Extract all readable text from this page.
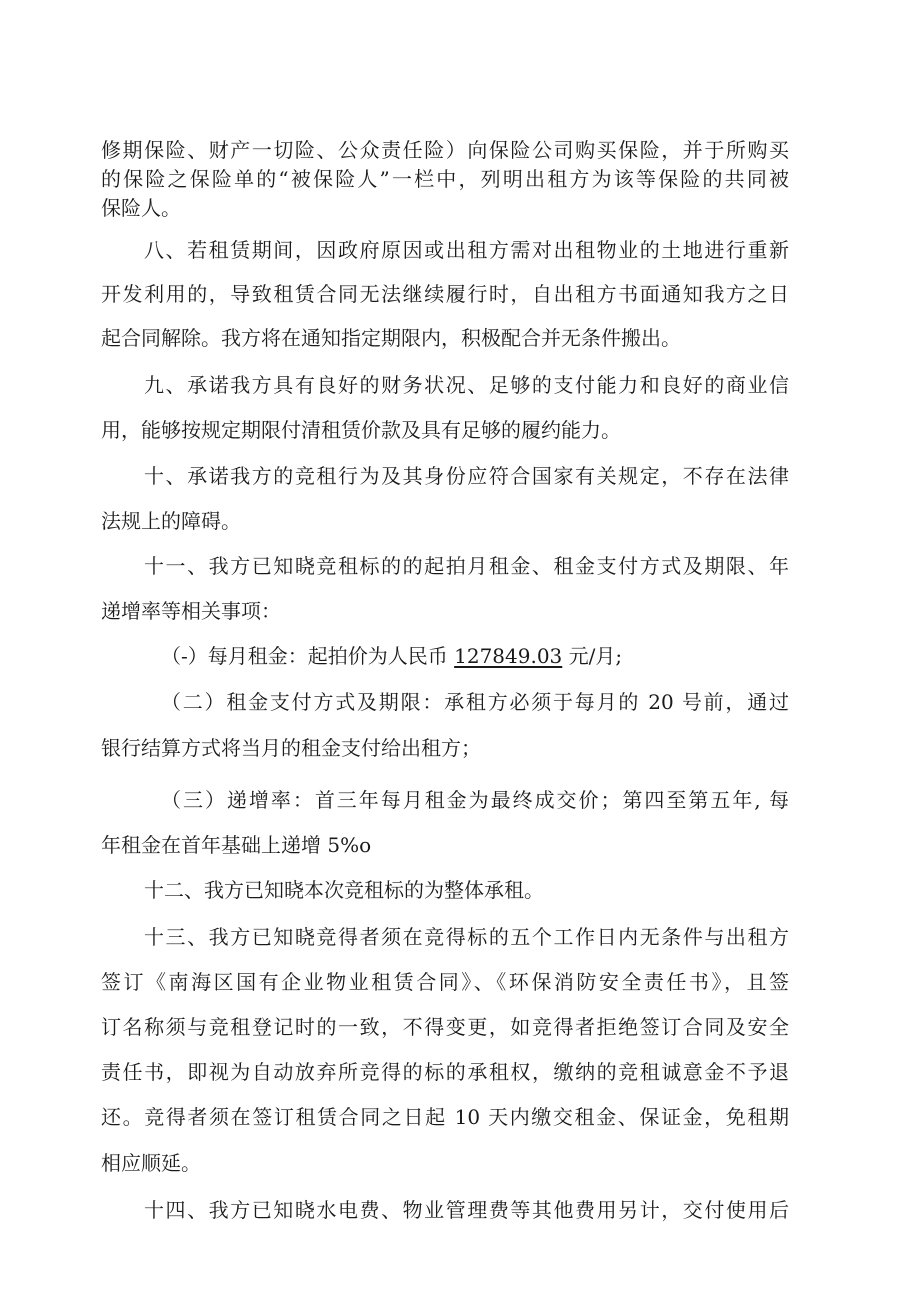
修期保险、财产一切险、公众责任险）向保险公司购买保险，并于所购买
的保险之保险单的“被保险人”一栏中，列明出租方为该等保险的共同被
保险人。
八、若租赁期间，因政府原因或出租方需对出租物业的土地进行重新
开发利用的，导致租赁合同无法继续履行时，自出租方书面通知我方之日
起合同解除。我方将在通知指定期限内，积极配合并无条件搬出。
九、承诺我方具有良好的财务状况、足够的支付能力和良好的商业信
用，能够按规定期限付清租赁价款及具有足够的履约能力。
十、承诺我方的竞租行为及其身份应符合国家有关规定，不存在法律
法规上的障碍。
十一、我方已知晓竞租标的的起拍月租金、租金支付方式及期限、年
递增率等相关事项：
（-）每月租金：起拍价为人民币 127849.03 元/月;
（二）租金支付方式及期限：承租方必须于每月的 20 号前，通过
银行结算方式将当月的租金支付给出租方；
（三）递增率：首三年每月租金为最终成交价；第四至第五年, 每
年租金在首年基础上递增 5%o
十二、我方已知晓本次竞租标的为整体承租。
十三、我方已知晓竞得者须在竞得标的五个工作日内无条件与出租方
签订《南海区国有企业物业租赁合同》、《环保消防安全责任书》，且签
订名称须与竞租登记时的一致，不得变更，如竞得者拒绝签订合同及安全
责任书，即视为自动放弃所竞得的标的承租权，缴纳的竞租诚意金不予退
还。竞得者须在签订租赁合同之日起 10 天内缴交租金、保证金，免租期
相应顺延。
十四、我方已知晓水电费、物业管理费等其他费用另计，交付使用后
